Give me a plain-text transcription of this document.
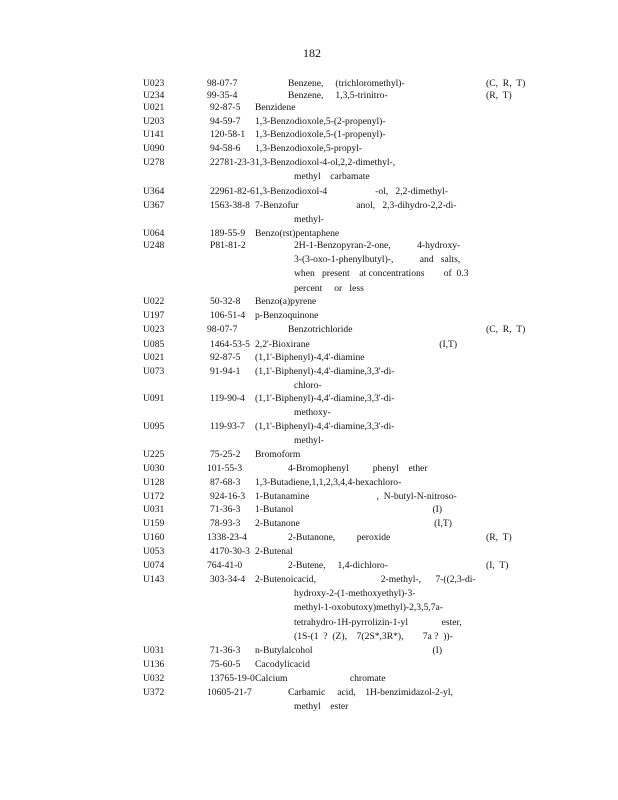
182
U023	98-07-7	Benzene,     (trichloromethyl)-	(C,  R,  T)
U234	99-35-4	Benzene,     1,3,5-trinitro-	(R,  T)
U021	92-87-5 Benzidene
U203	94-59-7 1,3-Benzodioxole,5-(2-propenyl)-
U141	120-58-1 1,3-Benzodioxole,5-(1-propenyl)-
U090	94-58-6 1,3-Benzodioxole,5-propyl-
U278	22781-23-3 1,3-Benzodioxol-4-ol,2,2-dimethyl-,
methyl    carbamate
U364	22961-82-6 1,3-Benzodioxol-4                    -ol,   2,2-dimethyl-
U367	1563-38-8 7-Benzofur                        anol,   2,3-dihydro-2,2-di-
methyl-
U064	189-55-9 Benzo(rst)pentaphene
U248	P81-81-2	2H-1-Benzopyran-2-one,           4-hydroxy-
3-(3-oxo-1-phenylbutyl)-,           and   salts,
when   present    at concentrations        of  0.3
percent     or   less
U022	50-32-8 Benzo(a)pyrene
U197	106-51-4 p-Benzoquinone
U023	98-07-7	Benzotrichloride	(C,  R,  T)
U085	1464-53-5 2,2'-Bioxirane                                                      (I,T)
U021	92-87-5 (1,1'-Biphenyl)-4,4'-diamine
U073	91-94-1 (1,1'-Biphenyl)-4,4'-diamine,3,3'-di-
chloro-
U091	119-90-4 (1,1'-Biphenyl)-4,4'-diamine,3,3'-di-
methoxy-
U095	119-93-7 (1,1'-Biphenyl)-4,4'-diamine,3,3'-di-
methyl-
U225	75-25-2 Bromoform
U030	101-55-3	4-Bromophenyl          phenyl    ether
U128	87-68-3 1,3-Butadiene,1,1,2,3,4,4-hexachloro-
U172	924-16-3 1-Butanamine                            ,  N-butyl-N-nitroso-
U031	71-36-3 1-Butanol                                                          (I)
U159	78-93-3 2-Butanone                                                        (I,T)
U160	1338-23-4	2-Butanone,         peroxide	(R,  T)
U053	4170-30-3 2-Butenal
U074	764-41-0	2-Butene,     1,4-dichloro-	(I,  T)
U143	303-34-4 2-Butenoicacid,                           2-methyl-,      7-((2,3-di-
hydroxy-2-(1-methoxyethyl)-3-
methyl-1-oxobutoxy)methyl)-2,3,5,7a-
tetrahydro-1H-pyrrolizin-1-yl              ester,
(1S-(1  ?  (Z),    7(2S*,3R*),        7a ?  ))-
U031	71-36-3 n-Butylalcohol                                                  (I)
U136	75-60-5 Cacodylicacid
U032	13765-19-0 Calcium                          chromate
U372	10605-21-7	Carbamic     acid,    1H-benzimidazol-2-yl,
methyl    ester
